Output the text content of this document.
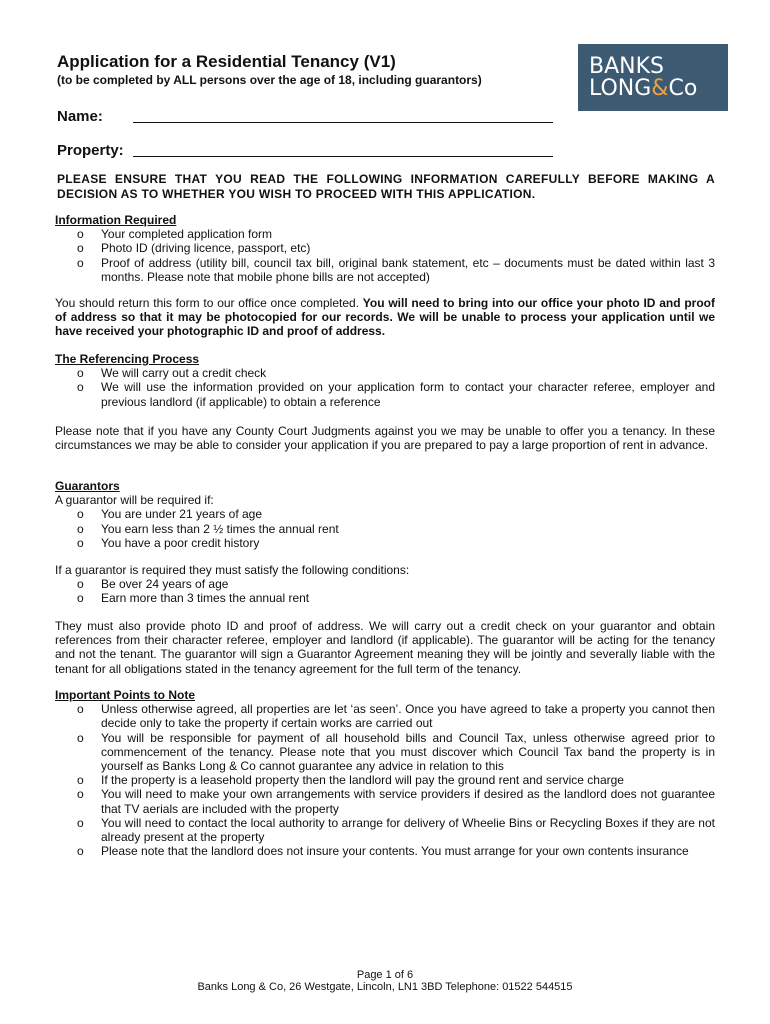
Application for a Residential Tenancy (V1)
(to be completed by ALL persons over the age of 18, including guarantors)
BANKS
LONG&Co
Name:
Property:
PLEASE ENSURE THAT YOU READ THE FOLLOWING INFORMATION CAREFULLY BEFORE MAKING A DECISION AS TO WHETHER YOU WISH TO PROCEED WITH THIS APPLICATION.
Information Required
o Your completed application form
o Photo ID (driving licence, passport, etc)
o Proof of address (utility bill, council tax bill, original bank statement, etc – documents must be dated within last 3 months. Please note that mobile phone bills are not accepted)

You should return this form to our office once completed. You will need to bring into our office your photo ID and proof of address so that it may be photocopied for our records. We will be unable to process your application until we have received your photographic ID and proof of address.

The Referencing Process
o We will carry out a credit check
o We will use the information provided on your application form to contact your character referee, employer and previous landlord (if applicable) to obtain a reference

Please note that if you have any County Court Judgments against you we may be unable to offer you a tenancy. In these circumstances we may be able to consider your application if you are prepared to pay a large proportion of rent in advance.

Guarantors
A guarantor will be required if:
o You are under 21 years of age
o You earn less than 2 ½ times the annual rent
o You have a poor credit history
If a guarantor is required they must satisfy the following conditions:
o Be over 24 years of age
o Earn more than 3 times the annual rent

They must also provide photo ID and proof of address. We will carry out a credit check on your guarantor and obtain references from their character referee, employer and landlord (if applicable). The guarantor will be acting for the tenancy and not the tenant. The guarantor will sign a Guarantor Agreement meaning they will be jointly and severally liable with the tenant for all obligations stated in the tenancy agreement for the full term of the tenancy.

Important Points to Note
o Unless otherwise agreed, all properties are let ‘as seen’. Once you have agreed to take a property you cannot then decide only to take the property if certain works are carried out
o You will be responsible for payment of all household bills and Council Tax, unless otherwise agreed prior to commencement of the tenancy. Please note that you must discover which Council Tax band the property is in yourself as Banks Long & Co cannot guarantee any advice in relation to this
o If the property is a leasehold property then the landlord will pay the ground rent and service charge
o You will need to make your own arrangements with service providers if desired as the landlord does not guarantee that TV aerials are included with the property
o You will need to contact the local authority to arrange for delivery of Wheelie Bins or Recycling Boxes if they are not already present at the property
o Please note that the landlord does not insure your contents. You must arrange for your own contents insurance
Page 1 of 6
Banks Long & Co, 26 Westgate, Lincoln, LN1 3BD Telephone: 01522 544515
